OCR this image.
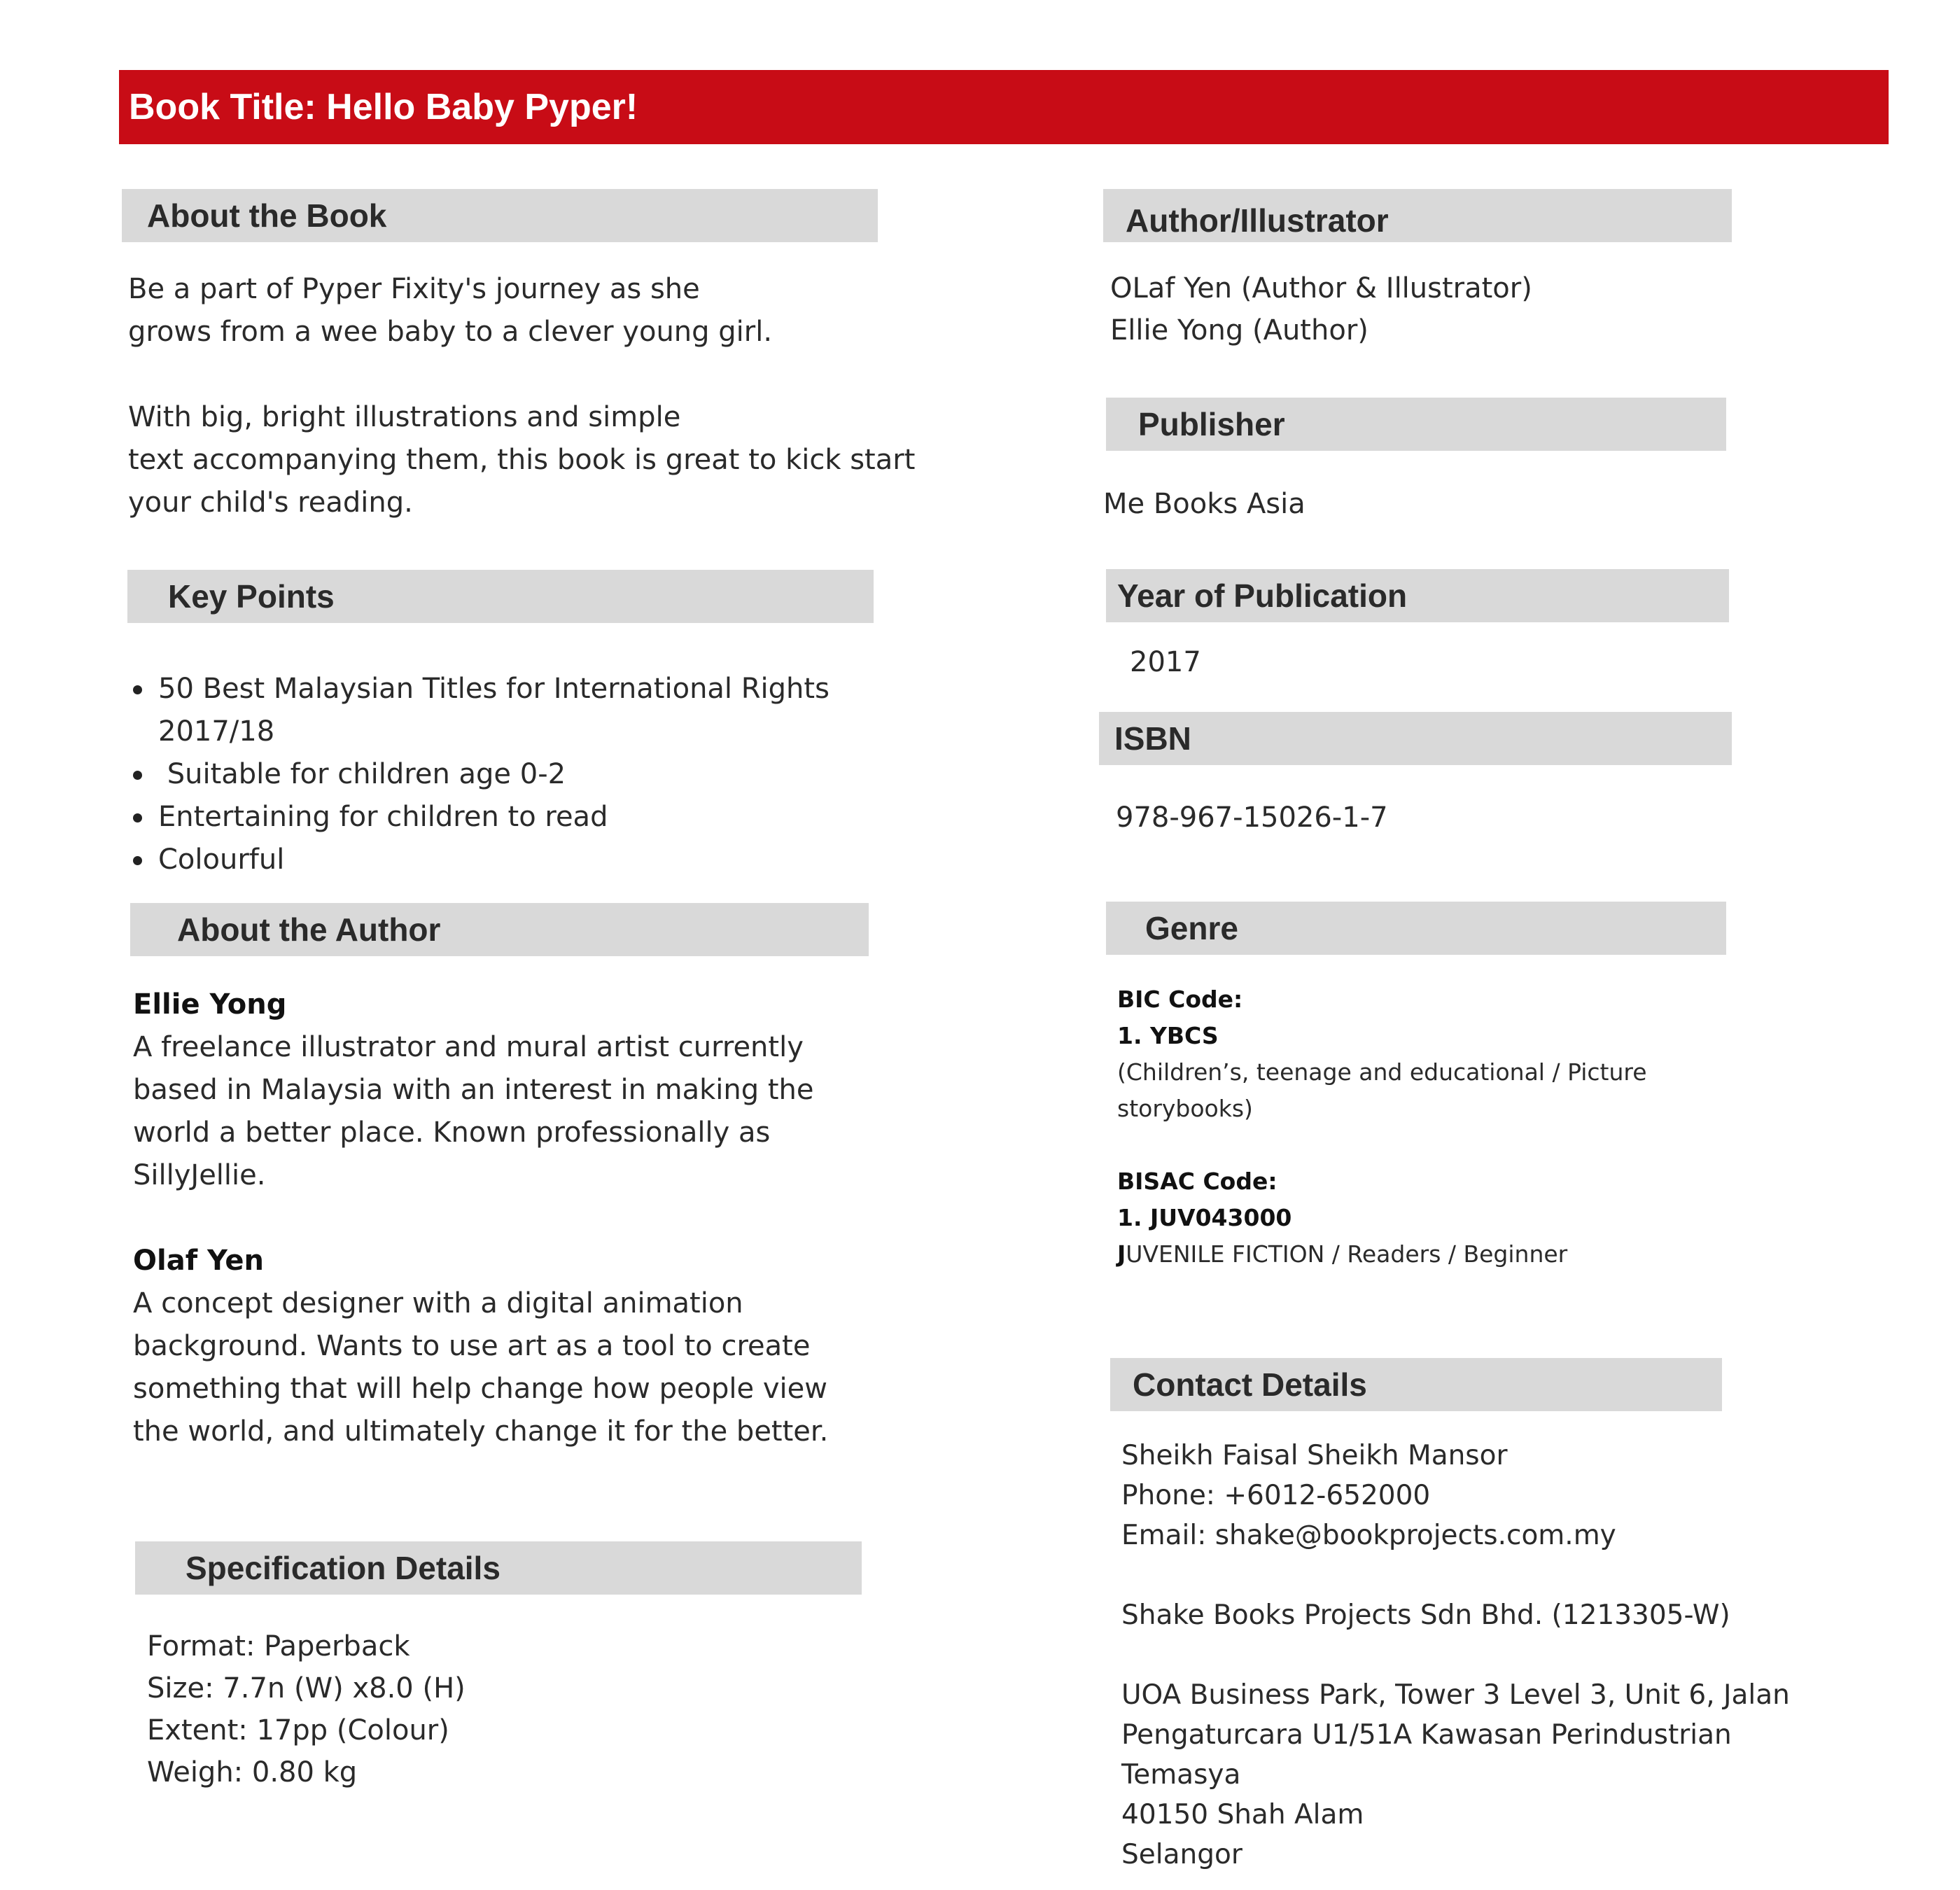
Book Title: Hello Baby Pyper!
About the Book

Be a part of Pyper Fixity's journey as she

grows from a wee baby to a clever young girl.

With big, bright illustrations and simple

text accompanying them, this book is great to kick start

your child's reading.

Key Points

50 Best Malaysian Titles for International Rights

2017/18

Suitable for children age 0-2

Entertaining for children to read

Colourful

About the Author

Ellie Yong

A freelance illustrator and mural artist currently

based in Malaysia with an interest in making the

world a better place. Known professionally as

SillyJellie.

Olaf Yen

A concept designer with a digital animation

background. Wants to use art as a tool to create

something that will help change how people view

the world, and ultimately change it for the better.

Specification Details

Format: Paperback

Size: 7.7n (W) x8.0 (H)

Extent: 17pp (Colour)

Weigh: 0.80 kg

Author/Illustrator

OLaf Yen (Author & Illustrator)

Ellie Yong (Author)

Publisher
Me Books Asia
Year of Publication
2017
ISBN
978-967-15026-1-7
Genre

BIC Code:

1. YBCS

(Children’s, teenage and educational / Picture

storybooks)

BISAC Code:

1. JUV043000

JUVENILE FICTION / Readers / Beginner

Contact Details

Sheikh Faisal Sheikh Mansor

Phone: +6012-652000

Email: shake@bookprojects.com.my

Shake Books Projects Sdn Bhd. (1213305-W)

UOA Business Park, Tower 3 Level 3, Unit 6, Jalan

Pengaturcara U1/51A Kawasan Perindustrian

Temasya

40150 Shah Alam

Selangor
